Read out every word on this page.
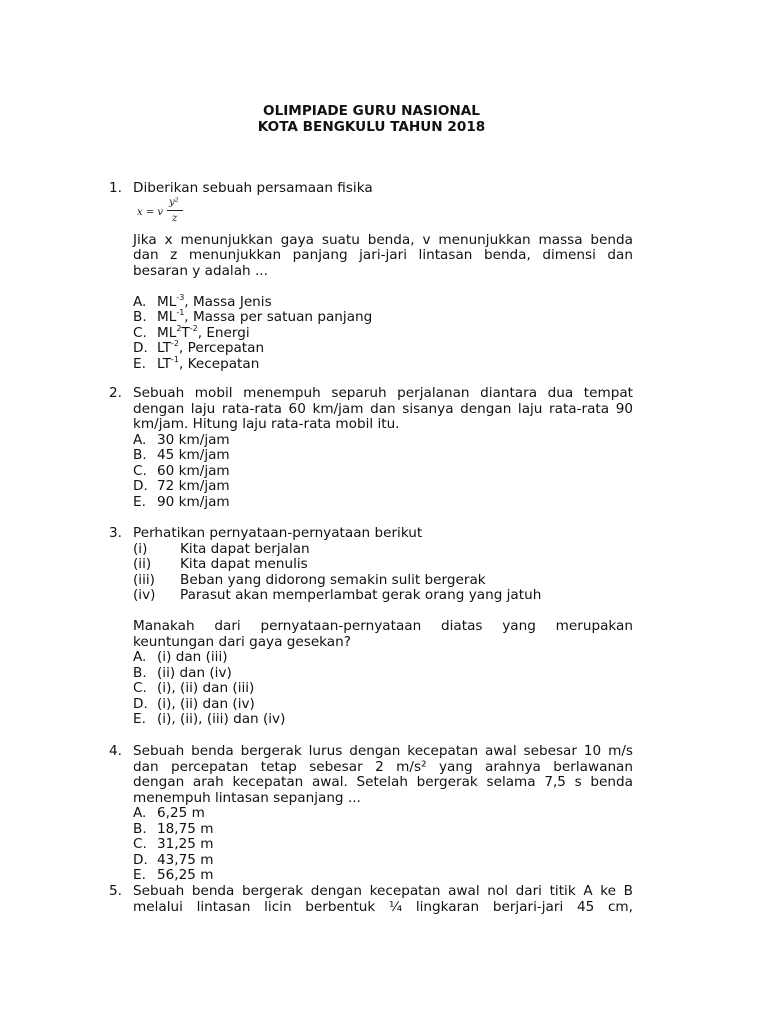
OLIMPIADE GURU NASIONAL
KOTA BENGKULU TAHUN 2018
1. Diberikan sebuah persamaan fisika
x = v
y²
z
Jika x menunjukkan gaya suatu benda, v menunjukkan massa benda
dan z menunjukkan panjang jari-jari lintasan benda, dimensi dan
besaran y adalah ...
A. $ML^{-3}$, Massa Jenis
B. $ML^{-1}$, Massa per satuan panjang
C. $ML^2T^{-2}$, Energi
D. $LT^{-2}$, Percepatan
E. $LT^{-1}$, Kecepatan
2. Sebuah mobil menempuh separuh perjalanan diantara dua tempat
dengan laju rata-rata 60 km/jam dan sisanya dengan laju rata-rata 90
km/jam. Hitung laju rata-rata mobil itu.
A. 30 km/jam
B. 45 km/jam
C. 60 km/jam
D. 72 km/jam
E. 90 km/jam
3. Perhatikan pernyataan-pernyataan berikut
(i) Kita dapat berjalan
(ii) Kita dapat menulis
(iii) Beban yang didorong semakin sulit bergerak
(iv) Parasut akan memperlambat gerak orang yang jatuh
Manakah dari pernyataan-pernyataan diatas yang merupakan
keuntungan dari gaya gesekan?
A. (i) dan (iii)
B. (ii) dan (iv)
C. (i), (ii) dan (iii)
D. (i), (ii) dan (iv)
E. (i), (ii), (iii) dan (iv)
4. Sebuah benda bergerak lurus dengan kecepatan awal sebesar 10 m/s
dan percepatan tetap sebesar 2 m/s² yang arahnya berlawanan
dengan arah kecepatan awal. Setelah bergerak selama 7,5 s benda
menempuh lintasan sepanjang ...
A. 6,25 m
B. 18,75 m
C. 31,25 m
D. 43,75 m
E. 56,25 m
5. Sebuah benda bergerak dengan kecepatan awal nol dari titik A ke B
melalui lintasan licin berbentuk ¼ lingkaran berjari-jari 45 cm,
